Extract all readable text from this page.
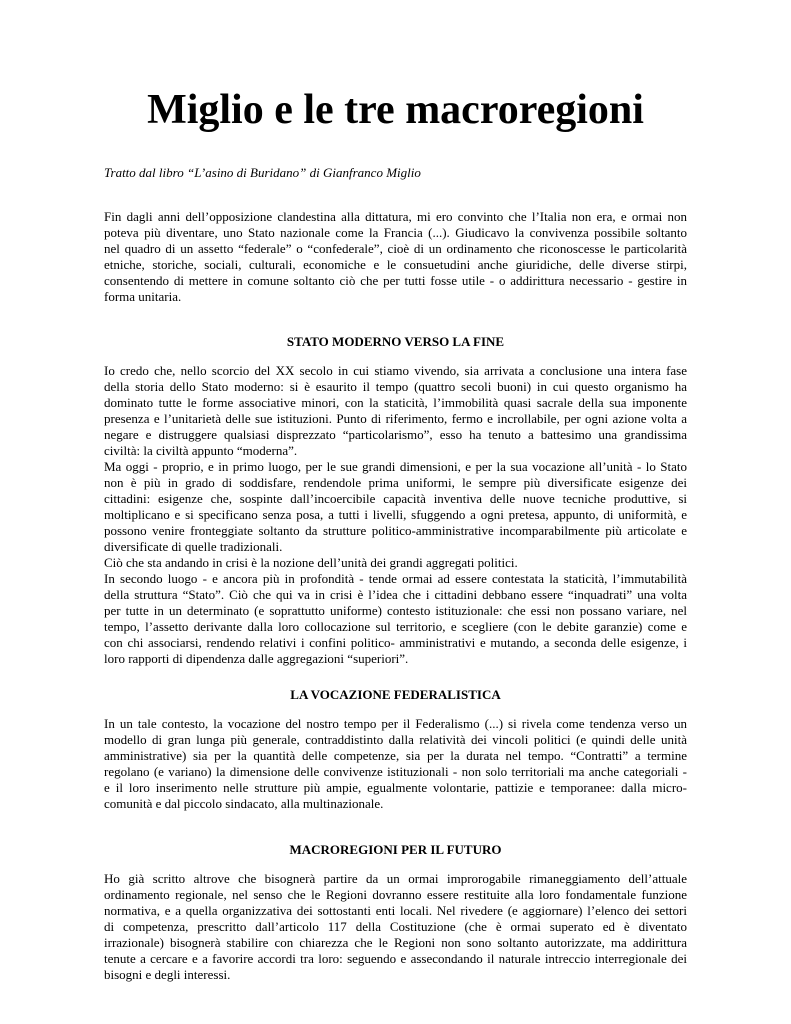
Miglio e le tre macroregioni

Tratto dal libro “L’asino di Buridano” di Gianfranco Miglio

Fin dagli anni dell’opposizione clandestina alla dittatura, mi ero convinto che l’Italia non era, e ormai non
poteva più diventare, uno Stato nazionale come la Francia (...). Giudicavo la convivenza possibile soltanto
nel quadro di un assetto “federale” o “confederale”, cioè di un ordinamento che riconoscesse le particolarità
etniche, storiche, sociali, culturali, economiche e le consuetudini anche giuridiche, delle diverse stirpi,
consentendo di mettere in comune soltanto ciò che per tutti fosse utile - o addirittura necessario - gestire in
forma unitaria.
STATO MODERNO VERSO LA FINE
Io credo che, nello scorcio del XX secolo in cui stiamo vivendo, sia arrivata a conclusione una intera fase
della storia dello Stato moderno: si è esaurito il tempo (quattro secoli buoni) in cui questo organismo ha
dominato tutte le forme associative minori, con la staticità, l’immobilità quasi sacrale della sua imponente
presenza e l’unitarietà delle sue istituzioni. Punto di riferimento, fermo e incrollabile, per ogni azione volta a
negare e distruggere qualsiasi disprezzato “particolarismo”, esso ha tenuto a battesimo una grandissima
civiltà: la civiltà appunto “moderna”.
Ma oggi - proprio, e in primo luogo, per le sue grandi dimensioni, e per la sua vocazione all’unità - lo Stato
non è più in grado di soddisfare, rendendole prima uniformi, le sempre più diversificate esigenze dei
cittadini: esigenze che, sospinte dall’incoercibile capacità inventiva delle nuove tecniche produttive, si
moltiplicano e si specificano senza posa, a tutti i livelli, sfuggendo a ogni pretesa, appunto, di uniformità, e
possono venire fronteggiate soltanto da strutture politico-amministrative incomparabilmente più articolate e
diversificate di quelle tradizionali.
Ciò che sta andando in crisi è la nozione dell’unità dei grandi aggregati politici.
In secondo luogo - e ancora più in profondità - tende ormai ad essere contestata la staticità, l’immutabilità
della struttura “Stato”. Ciò che qui va in crisi è l’idea che i cittadini debbano essere “inquadrati” una volta
per tutte in un determinato (e soprattutto uniforme) contesto istituzionale: che essi non possano variare, nel
tempo, l’assetto derivante dalla loro collocazione sul territorio, e scegliere (con le debite garanzie) come e
con chi associarsi, rendendo relativi i confini politico- amministrativi e mutando, a seconda delle esigenze, i
loro rapporti di dipendenza dalle aggregazioni “superiori”.
LA VOCAZIONE FEDERALISTICA
In un tale contesto, la vocazione del nostro tempo per il Federalismo (...) si rivela come tendenza verso un
modello di gran lunga più generale, contraddistinto dalla relatività dei vincoli politici (e quindi delle unità
amministrative) sia per la quantità delle competenze, sia per la durata nel tempo. “Contratti” a termine
regolano (e variano) la dimensione delle convivenze istituzionali - non solo territoriali ma anche categoriali -
e il loro inserimento nelle strutture più ampie, egualmente volontarie, pattizie e temporanee: dalla micro-
comunità e dal piccolo sindacato, alla multinazionale.
MACROREGIONI PER IL FUTURO
Ho già scritto altrove che bisognerà partire da un ormai improrogabile rimaneggiamento dell’attuale
ordinamento regionale, nel senso che le Regioni dovranno essere restituite alla loro fondamentale funzione
normativa, e a quella organizzativa dei sottostanti enti locali. Nel rivedere (e aggiornare) l’elenco dei settori
di competenza, prescritto dall’articolo 117 della Costituzione (che è ormai superato ed è diventato
irrazionale) bisognerà stabilire con chiarezza che le Regioni non sono soltanto autorizzate, ma addirittura
tenute a cercare e a favorire accordi tra loro: seguendo e assecondando il naturale intreccio interregionale dei
bisogni e degli interessi.
